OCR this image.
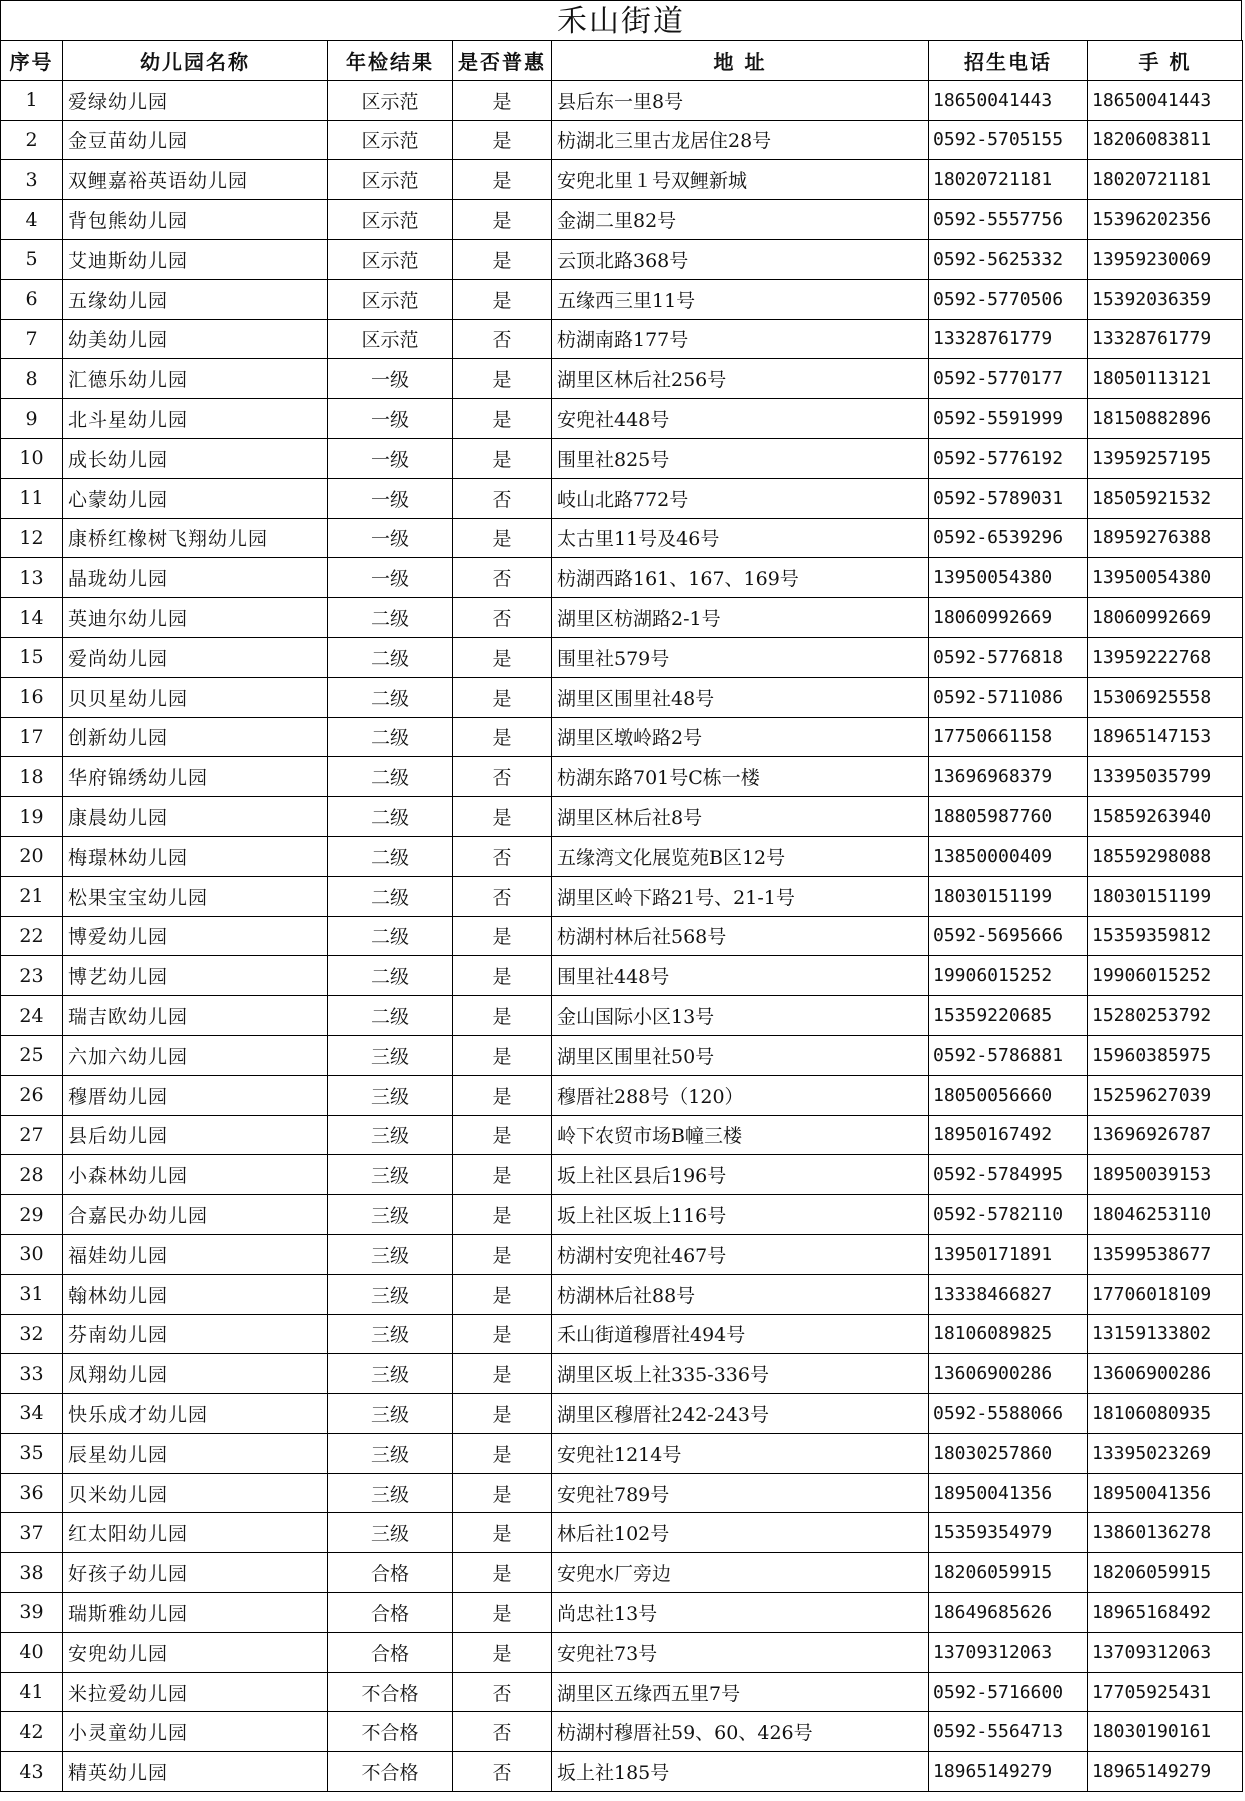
禾山街道
序号	幼儿园名称	年检结果	是否普惠	地 址	招生电话	手 机
1	爱绿幼儿园	区示范	是	县后东一里8号	18650041443	18650041443
2	金豆苗幼儿园	区示范	是	枋湖北三里古龙居住28号	0592-5705155	18206083811
3	双鲤嘉裕英语幼儿园	区示范	是	安兜北里１号双鲤新城	18020721181	18020721181
4	背包熊幼儿园	区示范	是	金湖二里82号	0592-5557756	15396202356
5	艾迪斯幼儿园	区示范	是	云顶北路368号	0592-5625332	13959230069
6	五缘幼儿园	区示范	是	五缘西三里11号	0592-5770506	15392036359
7	幼美幼儿园	区示范	否	枋湖南路177号	13328761779	13328761779
8	汇德乐幼儿园	一级	是	湖里区林后社256号	0592-5770177	18050113121
9	北斗星幼儿园	一级	是	安兜社448号	0592-5591999	18150882896
10	成长幼儿园	一级	是	围里社825号	0592-5776192	13959257195
11	心蒙幼儿园	一级	否	岐山北路772号	0592-5789031	18505921532
12	康桥红橡树飞翔幼儿园	一级	是	太古里11号及46号	0592-6539296	18959276388
13	晶珑幼儿园	一级	否	枋湖西路161、167、169号	13950054380	13950054380
14	英迪尔幼儿园	二级	否	湖里区枋湖路2-1号	18060992669	18060992669
15	爱尚幼儿园	二级	是	围里社579号	0592-5776818	13959222768
16	贝贝星幼儿园	二级	是	湖里区围里社48号	0592-5711086	15306925558
17	创新幼儿园	二级	是	湖里区墩岭路2号	17750661158	18965147153
18	华府锦绣幼儿园	二级	否	枋湖东路701号C栋一楼	13696968379	13395035799
19	康晨幼儿园	二级	是	湖里区林后社8号	18805987760	15859263940
20	梅璟林幼儿园	二级	否	五缘湾文化展览苑B区12号	13850000409	18559298088
21	松果宝宝幼儿园	二级	否	湖里区岭下路21号、21-1号	18030151199	18030151199
22	博爱幼儿园	二级	是	枋湖村林后社568号	0592-5695666	15359359812
23	博艺幼儿园	二级	是	围里社448号	19906015252	19906015252
24	瑞吉欧幼儿园	二级	是	金山国际小区13号	15359220685	15280253792
25	六加六幼儿园	三级	是	湖里区围里社50号	0592-5786881	15960385975
26	穆厝幼儿园	三级	是	穆厝社288号（120）	18050056660	15259627039
27	县后幼儿园	三级	是	岭下农贸市场B幢三楼	18950167492	13696926787
28	小森林幼儿园	三级	是	坂上社区县后196号	0592-5784995	18950039153
29	合嘉民办幼儿园	三级	是	坂上社区坂上116号	0592-5782110	18046253110
30	福娃幼儿园	三级	是	枋湖村安兜社467号	13950171891	13599538677
31	翰林幼儿园	三级	是	枋湖林后社88号	13338466827	17706018109
32	芬南幼儿园	三级	是	禾山街道穆厝社494号	18106089825	13159133802
33	凤翔幼儿园	三级	是	湖里区坂上社335-336号	13606900286	13606900286
34	快乐成才幼儿园	三级	是	湖里区穆厝社242-243号	0592-5588066	18106080935
35	辰星幼儿园	三级	是	安兜社1214号	18030257860	13395023269
36	贝米幼儿园	三级	是	安兜社789号	18950041356	18950041356
37	红太阳幼儿园	三级	是	林后社102号	15359354979	13860136278
38	好孩子幼儿园	合格	是	安兜水厂旁边	18206059915	18206059915
39	瑞斯雅幼儿园	合格	是	尚忠社13号	18649685626	18965168492
40	安兜幼儿园	合格	是	安兜社73号	13709312063	13709312063
41	米拉爱幼儿园	不合格	否	湖里区五缘西五里7号	0592-5716600	17705925431
42	小灵童幼儿园	不合格	否	枋湖村穆厝社59、60、426号	0592-5564713	18030190161
43	精英幼儿园	不合格	否	坂上社185号	18965149279	18965149279
